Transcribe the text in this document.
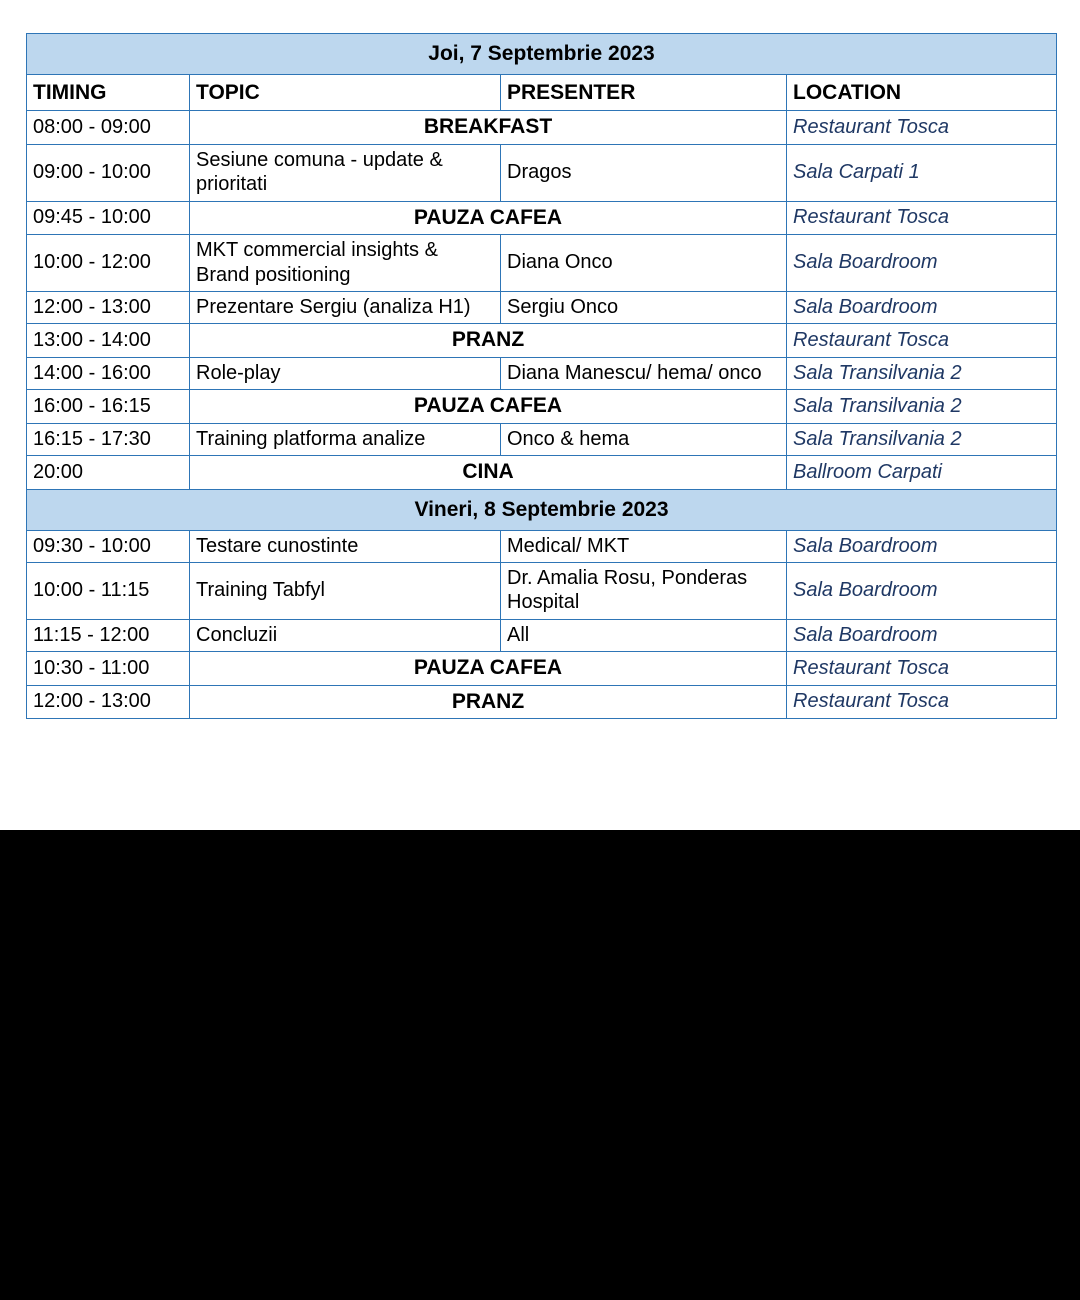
Joi, 7 Septembrie 2023			
TIMING	TOPIC	PRESENTER	LOCATION
08:00 - 09:00	BREAKFAST		Restaurant Tosca
09:00 - 10:00	Sesiune comuna - update & prioritati	Dragos	Sala Carpati 1
09:45 - 10:00	PAUZA CAFEA		Restaurant Tosca
10:00 - 12:00	MKT commercial insights & Brand positioning	Diana Onco	Sala Boardroom
12:00 - 13:00	Prezentare Sergiu (analiza H1)	Sergiu Onco	Sala Boardroom
13:00 - 14:00	PRANZ		Restaurant Tosca
14:00 - 16:00	Role-play	Diana Manescu/ hema/ onco	Sala Transilvania 2
16:00 - 16:15	PAUZA CAFEA		Sala Transilvania 2
16:15 - 17:30	Training platforma analize	Onco & hema	Sala Transilvania 2
20:00	CINA		Ballroom Carpati
Vineri, 8 Septembrie 2023			
09:30 - 10:00	Testare cunostinte	Medical/ MKT	Sala Boardroom
10:00 - 11:15	Training Tabfyl	Dr. Amalia Rosu, Ponderas Hospital	Sala Boardroom
11:15 - 12:00	Concluzii	All	Sala Boardroom
10:30 - 11:00	PAUZA CAFEA		Restaurant Tosca
12:00 - 13:00	PRANZ		Restaurant Tosca
